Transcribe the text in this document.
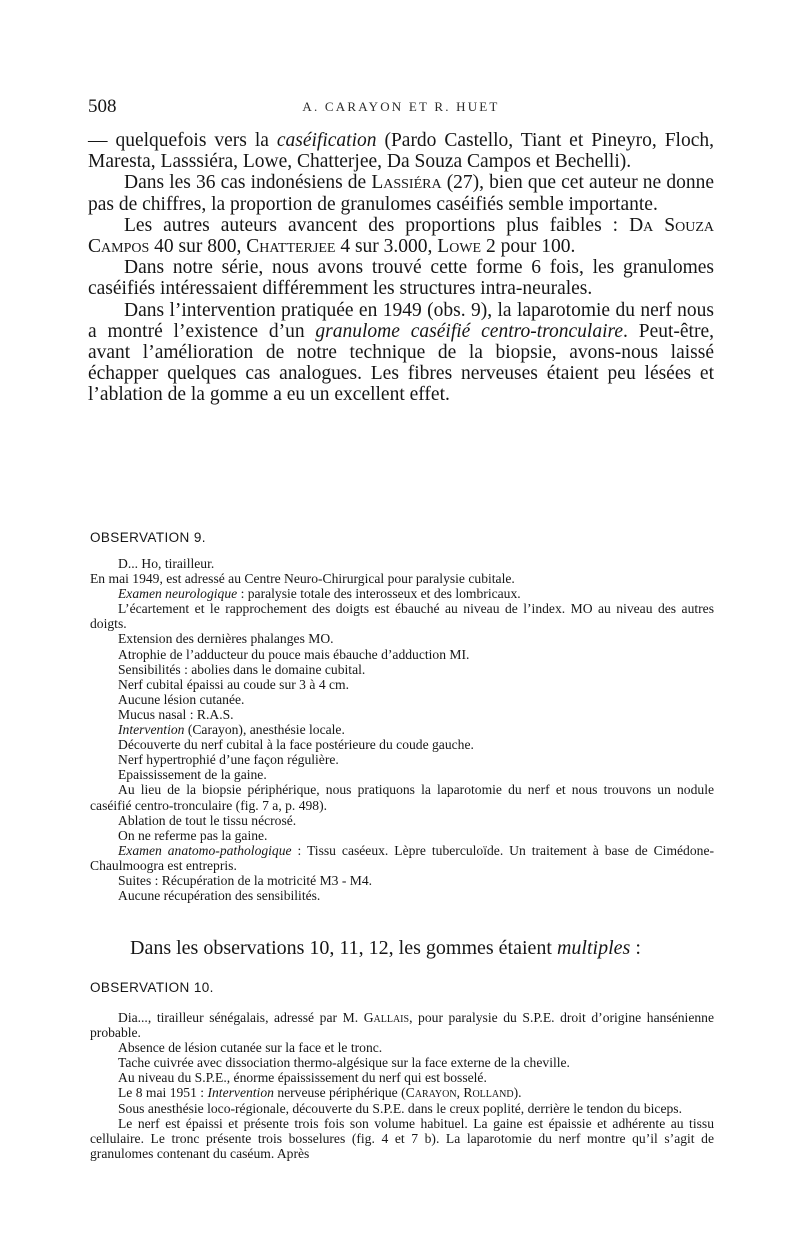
508	A. CARAYON ET R. HUET

— quelquefois vers la caséification (Pardo Castello, Tiant et Pineyro, Floch, Maresta, Lasssiéra, Lowe, Chatterjee, Da Souza Campos et Bechelli).

Dans les 36 cas indonésiens de Lassiéra (27), bien que cet auteur ne donne pas de chiffres, la proportion de granulomes caséifiés semble importante.

Les autres auteurs avancent des proportions plus faibles : Da Souza Campos 40 sur 800, Chatterjee 4 sur 3.000, Lowe 2 pour 100.

Dans notre série, nous avons trouvé cette forme 6 fois, les granulomes caséifiés intéressaient différemment les structures intra-neurales.

Dans l’intervention pratiquée en 1949 (obs. 9), la laparotomie du nerf nous a montré l’existence d’un granulome caséifié centro-tronculaire. Peut-être, avant l’amélioration de notre technique de la biopsie, avons-nous laissé échapper quelques cas analogues. Les fibres nerveuses étaient peu lésées et l’ablation de la gomme a eu un excellent effet.

OBSERVATION 9.

D... Ho, tirailleur.

En mai 1949, est adressé au Centre Neuro-Chirurgical pour paralysie cubitale.

Examen neurologique : paralysie totale des interosseux et des lombricaux.

L’écartement et le rapprochement des doigts est ébauché au niveau de l’index. MO au niveau des autres doigts.

Extension des dernières phalanges MO.

Atrophie de l’adducteur du pouce mais ébauche d’adduction MI.

Sensibilités : abolies dans le domaine cubital.

Nerf cubital épaissi au coude sur 3 à 4 cm.

Aucune lésion cutanée.

Mucus nasal : R.A.S.

Intervention (Carayon), anesthésie locale.

Découverte du nerf cubital à la face postérieure du coude gauche.

Nerf hypertrophié d’une façon régulière.

Epaississement de la gaine.

Au lieu de la biopsie périphérique, nous pratiquons la laparotomie du nerf et nous trouvons un nodule caséifié centro-tronculaire (fig. 7 a, p. 498).

Ablation de tout le tissu nécrosé.

On ne referme pas la gaine.

Examen anatomo-pathologique : Tissu caséeux. Lèpre tuberculoïde. Un traitement à base de Cimédone-Chaulmoogra est entrepris.

Suites : Récupération de la motricité M3 - M4.

Aucune récupération des sensibilités.

Dans les observations 10, 11, 12, les gommes étaient multiples :
OBSERVATION 10.

Dia..., tirailleur sénégalais, adressé par M. Gallais, pour paralysie du S.P.E. droit d’origine hansénienne probable.

Absence de lésion cutanée sur la face et le tronc.

Tache cuivrée avec dissociation thermo-algésique sur la face externe de la cheville.

Au niveau du S.P.E., énorme épaississement du nerf qui est bosselé.

Le 8 mai 1951 : Intervention nerveuse périphérique (Carayon, Rolland).

Sous anesthésie loco-régionale, découverte du S.P.E. dans le creux poplité, derrière le tendon du biceps.

Le nerf est épaissi et présente trois fois son volume habituel. La gaine est épaissie et adhérente au tissu cellulaire. Le tronc présente trois bosselures (fig. 4 et 7 b). La laparotomie du nerf montre qu’il s’agit de granulomes contenant du caséum. Après
